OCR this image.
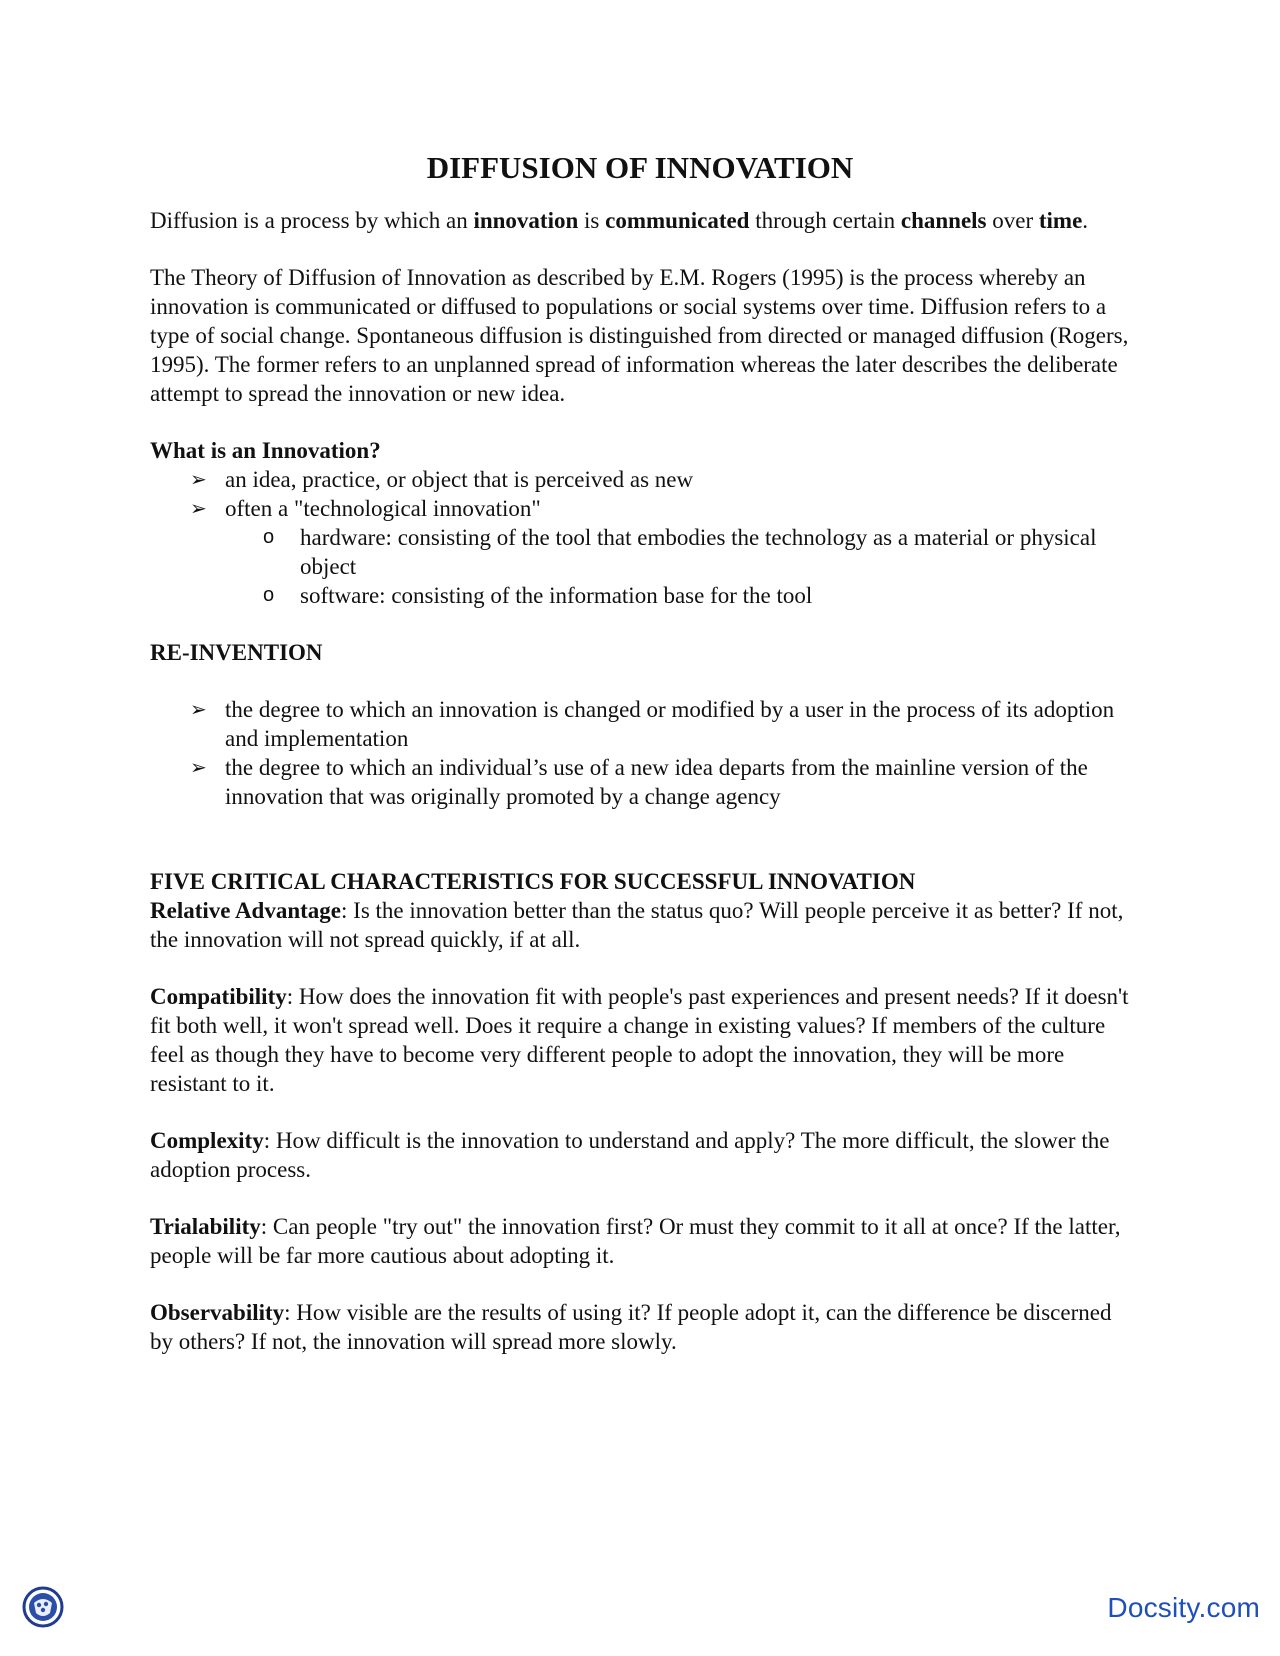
DIFFUSION OF INNOVATION

Diffusion is a process by which an innovation is communicated through certain channels over time.

The Theory of Diffusion of Innovation as described by E.M. Rogers (1995) is the process whereby an innovation is communicated or diffused to populations or social systems over time. Diffusion refers to a type of social change. Spontaneous diffusion is distinguished from directed or managed diffusion (Rogers, 1995). The former refers to an unplanned spread of information whereas the later describes the deliberate attempt to spread the innovation or new idea.

What is an Innovation?

➢ an idea, practice, or object that is perceived as new
➢ often a "technological innovation"
o hardware: consisting of the tool that embodies the technology as a material or physical object
o software: consisting of the information base for the tool

RE-INVENTION

➢ the degree to which an innovation is changed or modified by a user in the process of its adoption and implementation
➢ the degree to which an individual’s use of a new idea departs from the mainline version of the innovation that was originally promoted by a change agency

FIVE CRITICAL CHARACTERISTICS FOR SUCCESSFUL INNOVATION

Relative Advantage: Is the innovation better than the status quo? Will people perceive it as better? If not, the innovation will not spread quickly, if at all.

Compatibility: How does the innovation fit with people's past experiences and present needs? If it doesn't fit both well, it won't spread well. Does it require a change in existing values? If members of the culture feel as though they have to become very different people to adopt the innovation, they will be more resistant to it.

Complexity: How difficult is the innovation to understand and apply? The more difficult, the slower the adoption process.

Trialability: Can people "try out" the innovation first? Or must they commit to it all at once? If the latter, people will be far more cautious about adopting it.

Observability: How visible are the results of using it? If people adopt it, can the difference be discerned by others? If not, the innovation will spread more slowly.

Docsity.com
